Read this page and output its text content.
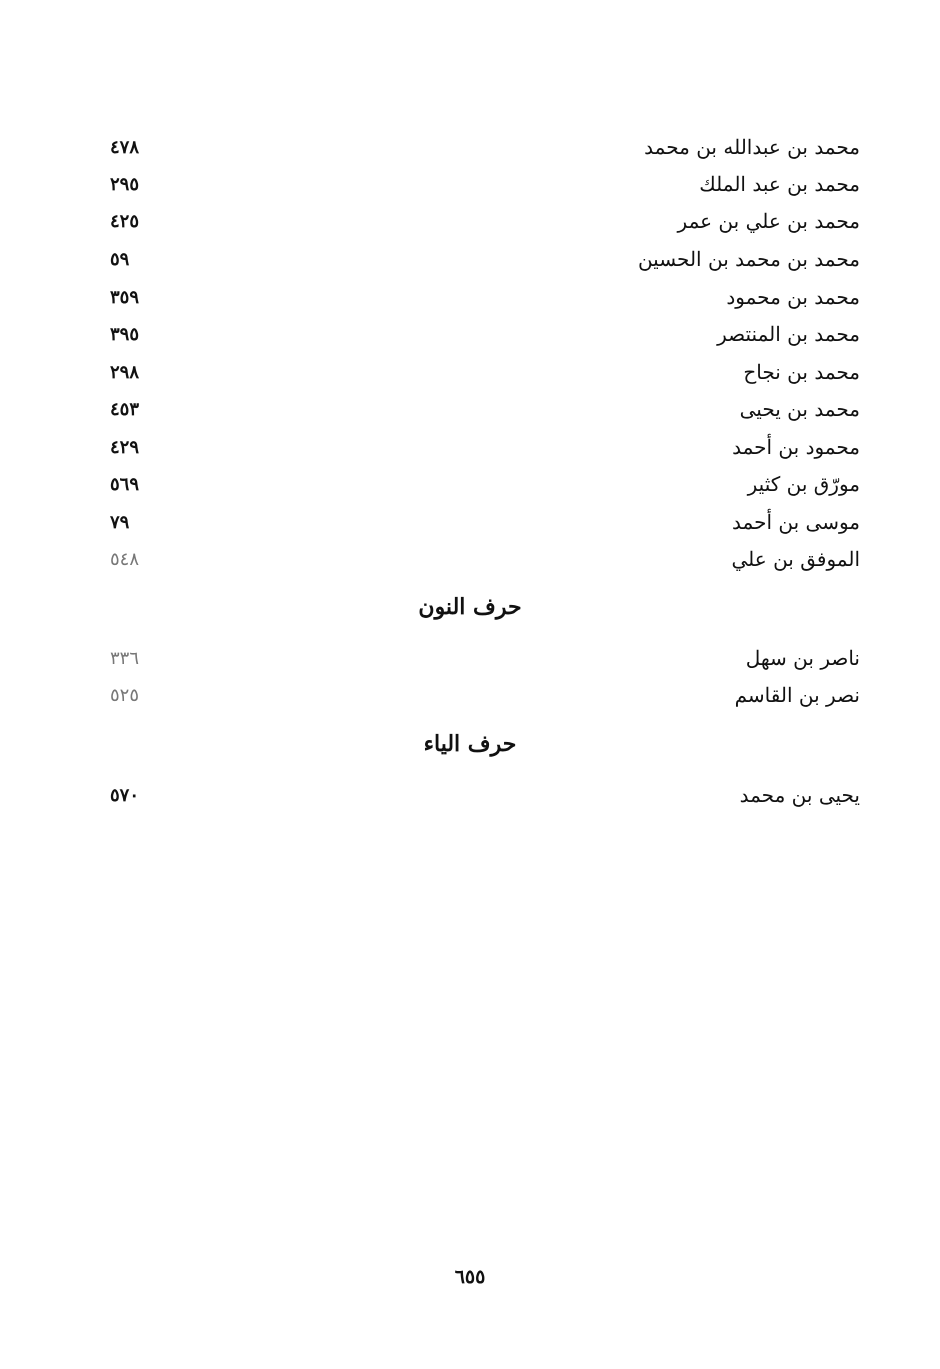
محمد بن عبدالله بن محمد
٤٧٨
محمد بن عبد الملك
٢٩٥
محمد بن علي بن عمر
٤٢٥
محمد بن محمد بن الحسين
٥٩
محمد بن محمود
٣٥٩
محمد بن المنتصر
٣٩٥
محمد بن نجاح
٢٩٨
محمد بن يحيى
٤٥٣
محمود بن أحمد
٤٢٩
مورّق بن كثير
٥٦٩
موسى بن أحمد
٧٩
الموفق بن علي
٥٤٨
حرف النون
ناصر بن سهل
٣٣٦
نصر بن القاسم
٥٢٥
حرف الياء
يحيى بن محمد
٥٧٠
٦٥٥
